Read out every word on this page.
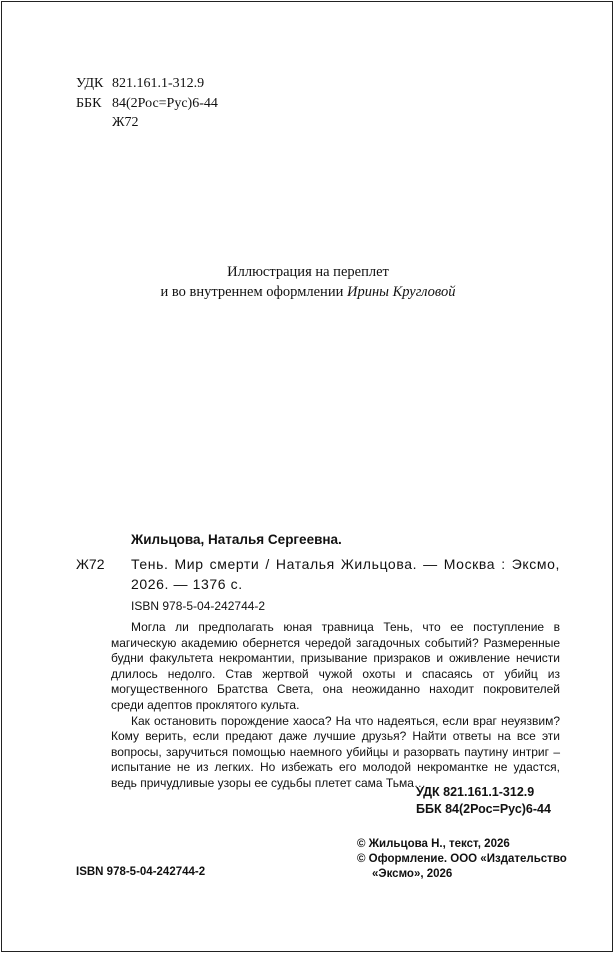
УДК 821.161.1-312.9
ББК 84(2Рос=Рус)6-44
Ж72
Иллюстрация на переплет
и во внутреннем оформлении Ирины Кругловой
Жильцова, Наталья Сергеевна.
Ж72 Тень. Мир смерти / Наталья Жильцова. — Москва : Эксмо, 2026. — 1376 с.
ISBN 978-5-04-242744-2

Могла ли предполагать юная травница Тень, что ее поступление в магическую академию обернется чередой загадочных событий? Размеренные будни факультета некромантии, призывание призраков и оживление нечисти длилось недолго. Став жертвой чужой охоты и спасаясь от убийц из могущественного Братства Света, она неожиданно находит покровителей среди адептов проклятого культа.

Как остановить порождение хаоса? На что надеяться, если враг неуязвим? Кому верить, если предают даже лучшие друзья? Найти ответы на все эти вопросы, заручиться помощью наемного убийцы и разорвать паутину интриг – испытание не из легких. Но избежать его молодой некромантке не удастся, ведь причудливые узоры ее судьбы плетет сама Тьма…

УДК 821.161.1-312.9
ББК 84(2Рос=Рус)6-44
© Жильцова Н., текст, 2026
© Оформление. ООО «Издательство
«Эксмо», 2026
ISBN 978-5-04-242744-2
